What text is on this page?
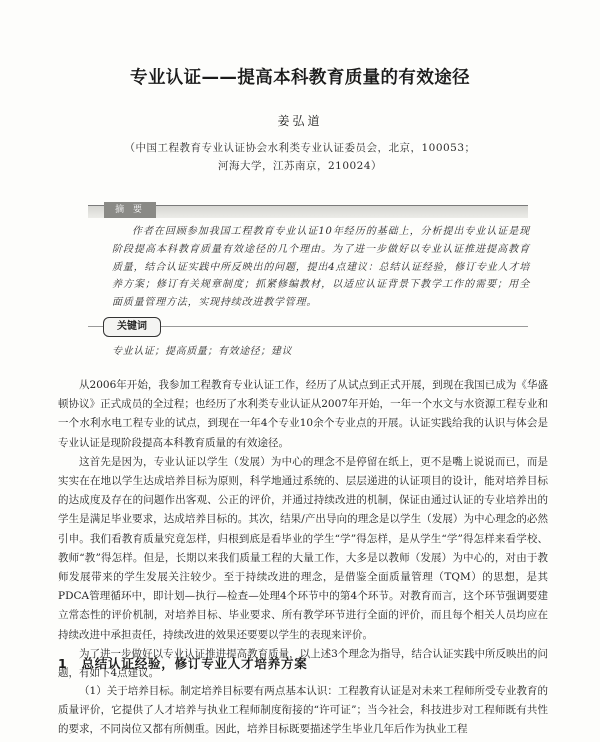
专业认证——提高本科教育质量的有效途径
姜弘道
（中国工程教育专业认证协会水利类专业认证委员会，北京，100053；
河海大学，江苏南京，210024）
摘 要

作者在回顾参加我国工程教育专业认证10年经历的基础上，分析提出专业认证是现阶段提高本科教育质量有效途径的几个理由。为了进一步做好以专业认证推进提高教育质量，结合认证实践中所反映出的问题，提出4点建议：总结认证经验，修订专业人才培养方案；修订有关规章制度；抓紧修编教材，以适应认证背景下教学工作的需要；用全面质量管理方法，实现持续改进教学管理。

关键词
专业认证；提高质量；有效途径；建议

从2006年开始，我参加工程教育专业认证工作，经历了从试点到正式开展，到现在我国已成为《华盛顿协议》正式成员的全过程；也经历了水利类专业认证从2007年开始，一年一个水文与水资源工程专业和一个水利水电工程专业的试点，到现在一年4个专业10余个专业点的开展。认证实践给我的认识与体会是专业认证是现阶段提高本科教育质量的有效途径。

这首先是因为，专业认证以学生（发展）为中心的理念不是停留在纸上，更不是嘴上说说而已，而是实实在在地以学生达成培养目标为原则，科学地通过系统的、层层递进的认证项目的设计，能对培养目标的达成度及存在的问题作出客观、公正的评价，并通过持续改进的机制，保证由通过认证的专业培养出的学生是满足毕业要求，达成培养目标的。其次，结果/产出导向的理念是以学生（发展）为中心理念的必然引申。我们看教育质量究竟怎样，归根到底是看毕业的学生“学”得怎样，是从学生“学”得怎样来看学校、教师“教”得怎样。但是，长期以来我们质量工程的大量工作，大多是以教师（发展）为中心的，对由于教师发展带来的学生发展关注较少。至于持续改进的理念，是借鉴全面质量管理（TQM）的思想，是其PDCA管理循环中，即计划—执行—检查—处理4个环节中的第4个环节。对教育而言，这个环节强调要建立常态性的评价机制，对培养目标、毕业要求、所有教学环节进行全面的评价，而且每个相关人员均应在持续改进中承担责任，持续改进的效果还要要以学生的表现来评价。

为了进一步做好以专业认证推进提高教育质量，以上述3个理念为指导，结合认证实践中所反映出的问题，有如下4点建议。

1 总结认证经验，修订专业人才培养方案

（1）关于培养目标。制定培养目标要有两点基本认识：工程教育认证是对未来工程师所受专业教育的质量评价，它提供了人才培养与执业工程师制度衔接的“许可证”；当今社会，科技进步对工程师既有共性的要求，不同岗位又都有所侧重。因此，培养目标既要描述学生毕业几年后作为执业工程
